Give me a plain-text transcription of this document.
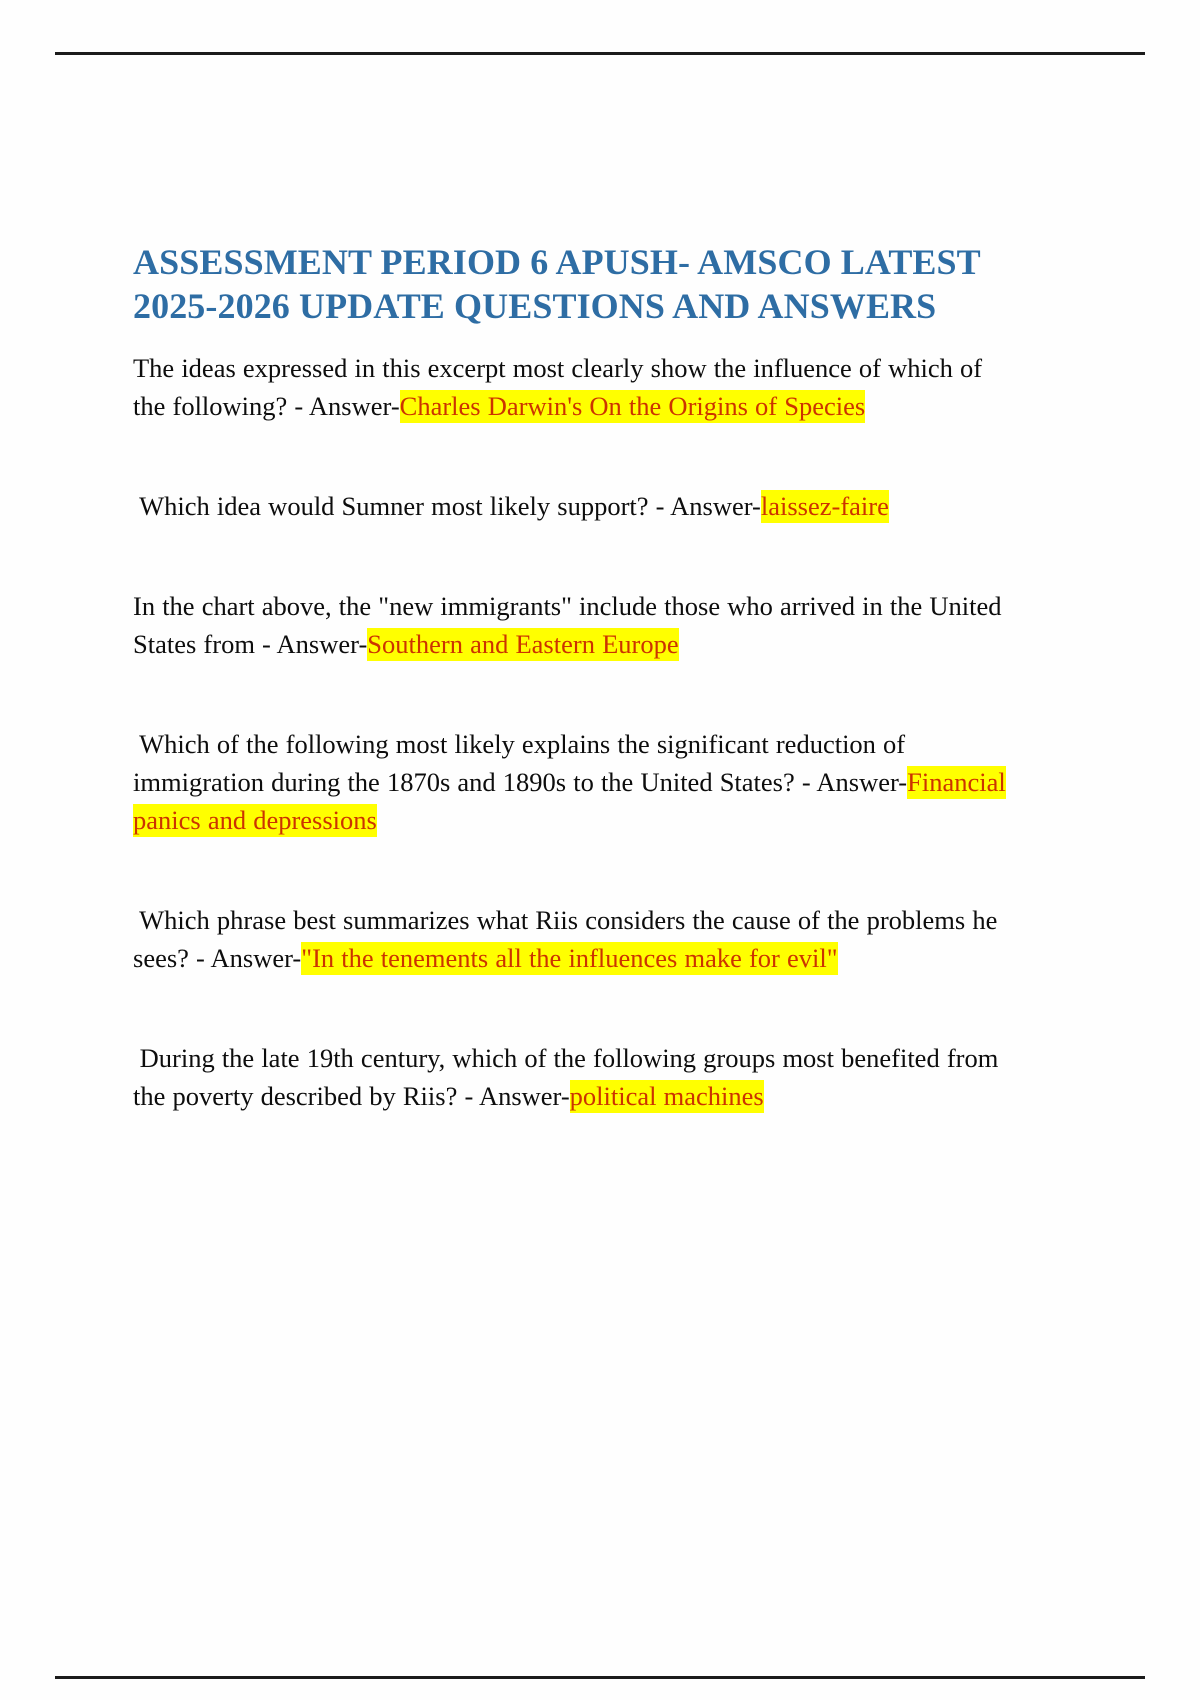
ASSESSMENT PERIOD 6 APUSH- AMSCO LATEST 2025-2026 UPDATE QUESTIONS AND ANSWERS

The ideas expressed in this excerpt most clearly show the influence of which of the following? - Answer-Charles Darwin's On the Origins of Species

Which idea would Sumner most likely support? - Answer-laissez-faire

In the chart above, the "new immigrants" include those who arrived in the United States from - Answer-Southern and Eastern Europe

Which of the following most likely explains the significant reduction of immigration during the 1870s and 1890s to the United States? - Answer-Financial panics and depressions

Which phrase best summarizes what Riis considers the cause of the problems he sees? - Answer-"In the tenements all the influences make for evil"

During the late 19th century, which of the following groups most benefited from the poverty described by Riis? - Answer-political machines
